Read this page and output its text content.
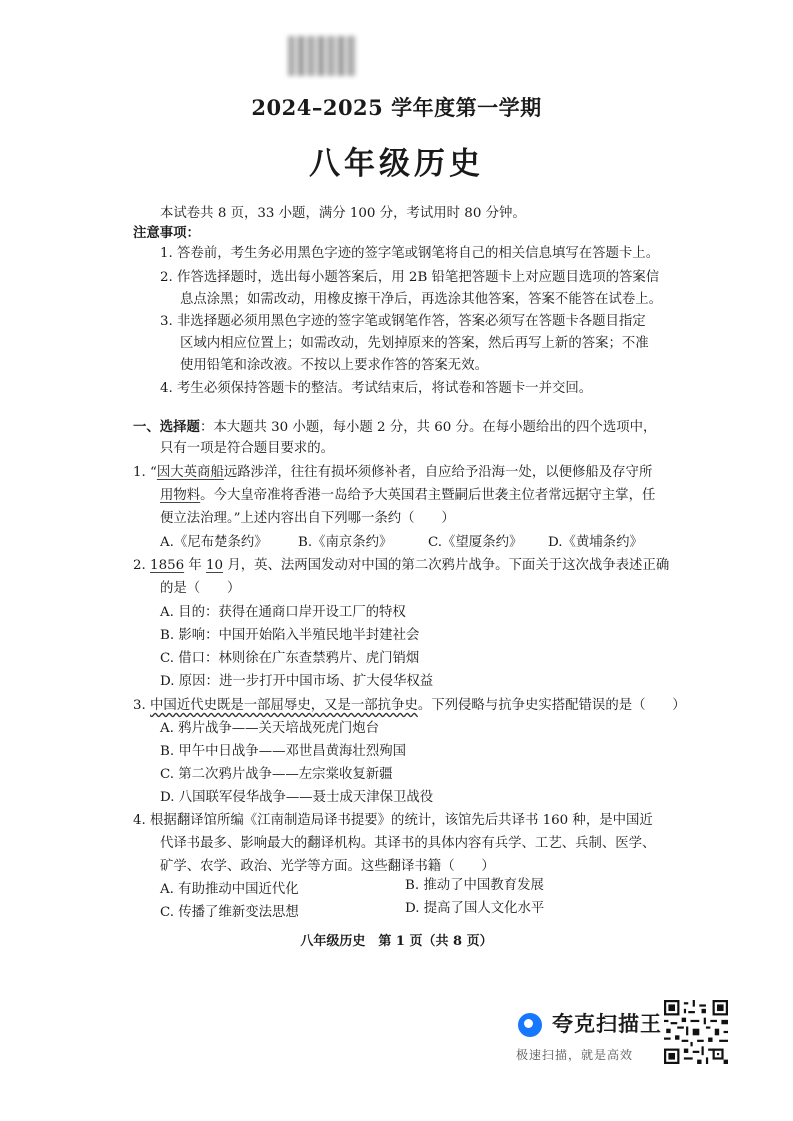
2024–2025 学年度第一学期
八年级历史
本试卷共 8 页，33 小题，满分 100 分，考试用时 80 分钟。
注意事项：
1. 答卷前，考生务必用黑色字迹的签字笔或钢笔将自己的相关信息填写在答题卡上。
2. 作答选择题时，选出每小题答案后，用 2B 铅笔把答题卡上对应题目选项的答案信
息点涂黑；如需改动，用橡皮擦干净后，再选涂其他答案，答案不能答在试卷上。
3. 非选择题必须用黑色字迹的签字笔或钢笔作答，答案必须写在答题卡各题目指定
区域内相应位置上；如需改动，先划掉原来的答案，然后再写上新的答案；不准
使用铅笔和涂改液。不按以上要求作答的答案无效。
4. 考生必须保持答题卡的整洁。考试结束后，将试卷和答题卡一并交回。
一、选择题：本大题共 30 小题，每小题 2 分，共 60 分。在每小题给出的四个选项中，
只有一项是符合题目要求的。
1. “因大英商船远路涉洋，往往有损坏须修补者，自应给予沿海一处，以便修船及存守所
用物料。今大皇帝准将香港一岛给予大英国君主暨嗣后世袭主位者常远据守主掌，任
便立法治理。”上述内容出自下列哪一条约（　　）
A.《尼布楚条约》 B.《南京条约》	C.《望厦条约》 D.《黄埔条约》
2. 1856 年 10 月，英、法两国发动对中国的第二次鸦片战争。下面关于这次战争表述正确
的是（　　）
A. 目的：获得在通商口岸开设工厂的特权
B. 影响：中国开始陷入半殖民地半封建社会
C. 借口：林则徐在广东查禁鸦片、虎门销烟
D. 原因：进一步打开中国市场、扩大侵华权益
3. 中国近代史既是一部屈辱史，又是一部抗争史。下列侵略与抗争史实搭配错误的是（　　）
A. 鸦片战争——关天培战死虎门炮台
B. 甲午中日战争——邓世昌黄海壮烈殉国
C. 第二次鸦片战争——左宗棠收复新疆
D. 八国联军侵华战争——聂士成天津保卫战役
4. 根据翻译馆所编《江南制造局译书提要》的统计，该馆先后共译书 160 种，是中国近
代译书最多、影响最大的翻译机构。其译书的具体内容有兵学、工艺、兵制、医学、
矿学、农学、政治、光学等方面。这些翻译书籍（　　）
A. 有助推动中国近代化	B. 推动了中国教育发展
C. 传播了维新变法思想	D. 提高了国人文化水平
八年级历史　第 1 页（共 8 页）
夸克扫描王
极速扫描，就是高效
